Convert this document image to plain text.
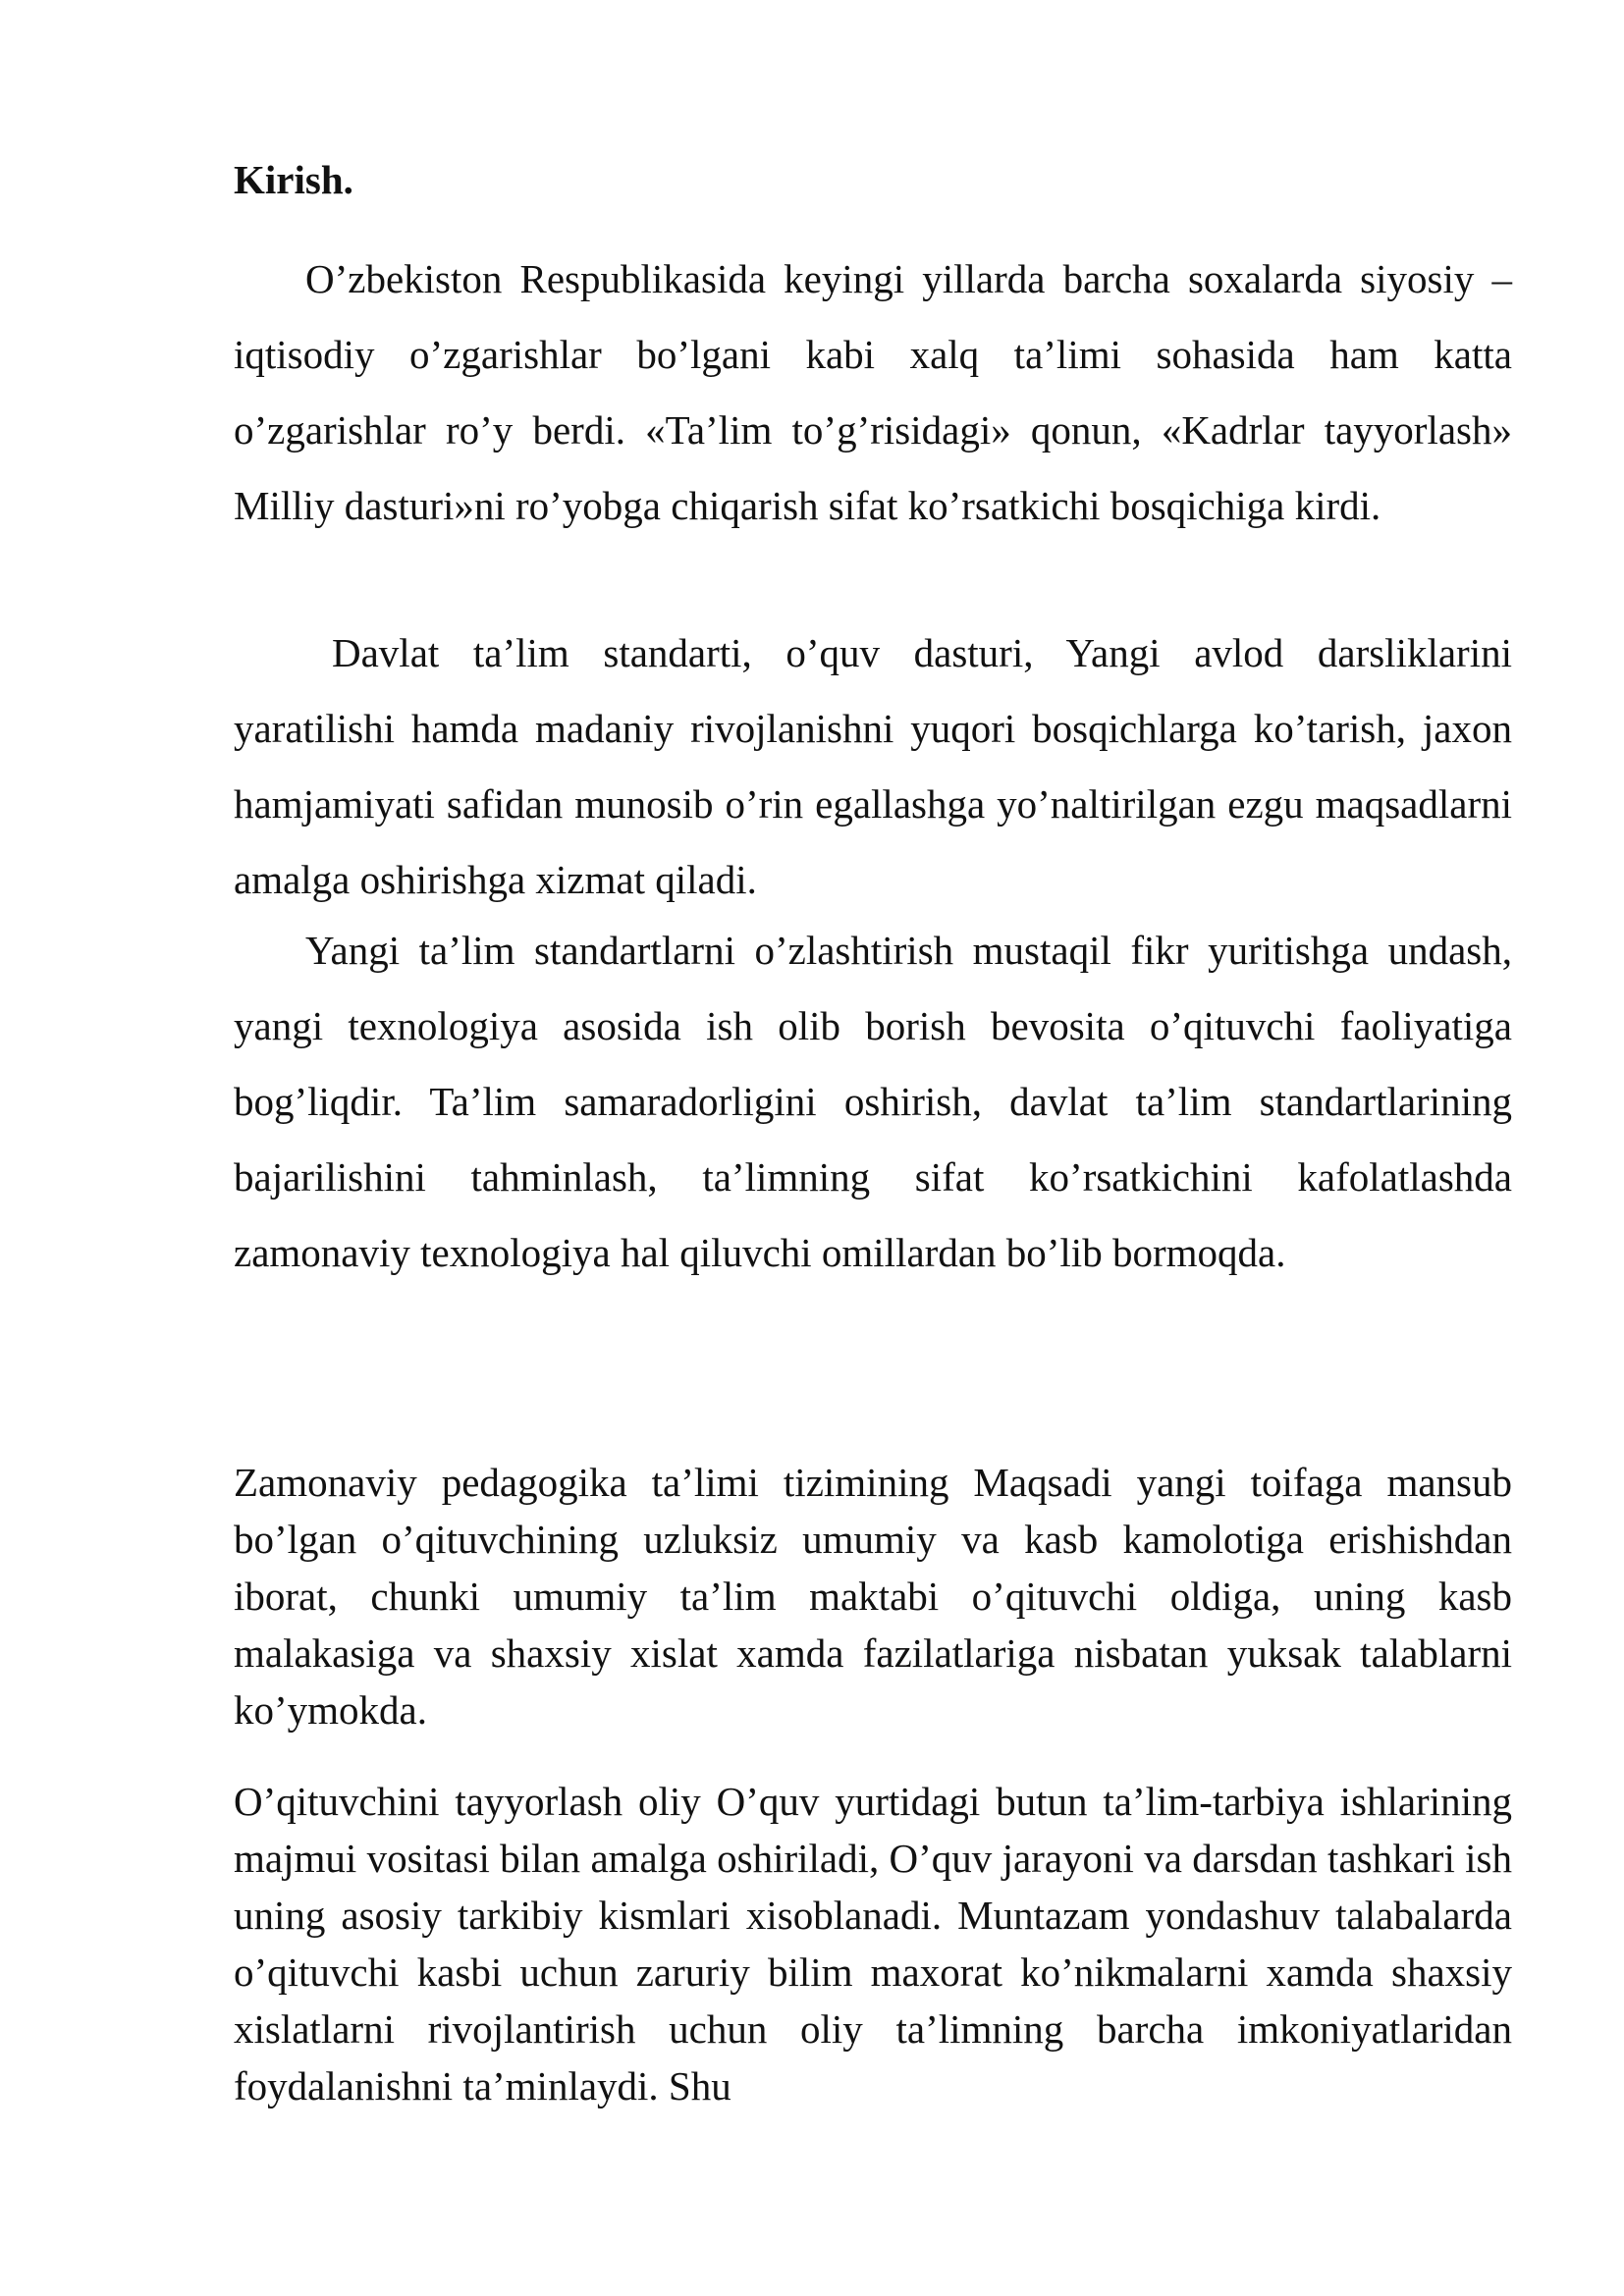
Kirish.

O’zbekiston Respublikasida keyingi yillarda barcha soxalarda siyosiy – iqtisodiy o’zgarishlar bo’lgani kabi xalq ta’limi sohasida ham katta o’zgarishlar ro’y berdi. «Ta’lim to’g’risidagi» qonun, «Kadrlar tayyorlash» Milliy dasturi»ni ro’yobga chiqarish sifat ko’rsatkichi bosqichiga kirdi.

Davlat ta’lim standarti, o’quv dasturi, Yangi avlod darsliklarini yaratilishi hamda madaniy rivojlanishni yuqori bosqichlarga ko’tarish, jaxon hamjamiyati safidan munosib o’rin egallashga yo’naltirilgan ezgu maqsadlarni amalga oshirishga xizmat qiladi.

Yangi ta’lim standartlarni o’zlashtirish mustaqil fikr yuritishga undash, yangi texnologiya asosida ish olib borish bevosita o’qituvchi faoliyatiga bog’liqdir. Ta’lim samaradorligini oshirish, davlat ta’lim standartlarining bajarilishini tahminlash, ta’limning sifat ko’rsatkichini kafolatlashda zamonaviy texnologiya hal qiluvchi omillardan bo’lib bormoqda.

Zamonaviy pedagogika ta’limi tizimining Maqsadi yangi toifaga mansub bo’lgan o’qituvchining uzluksiz umumiy va kasb kamolotiga erishishdan iborat, chunki umumiy ta’lim maktabi o’qituvchi oldiga, uning kasb malakasiga va shaxsiy xislat xamda fazilatlariga nisbatan yuksak talablarni ko’ymokda.

O’qituvchini tayyorlash oliy O’quv yurtidagi butun ta’lim-tarbiya ishlarining majmui vositasi bilan amalga oshiriladi, O’quv jarayoni va darsdan tashkari ish uning asosiy tarkibiy kismlari xisoblanadi. Muntazam yondashuv talabalarda o’qituvchi kasbi uchun zaruriy bilim maxorat ko’nikmalarni xamda shaxsiy xislatlarni rivojlantirish uchun oliy ta’limning barcha imkoniyatlaridan foydalanishni ta’minlaydi. Shu
